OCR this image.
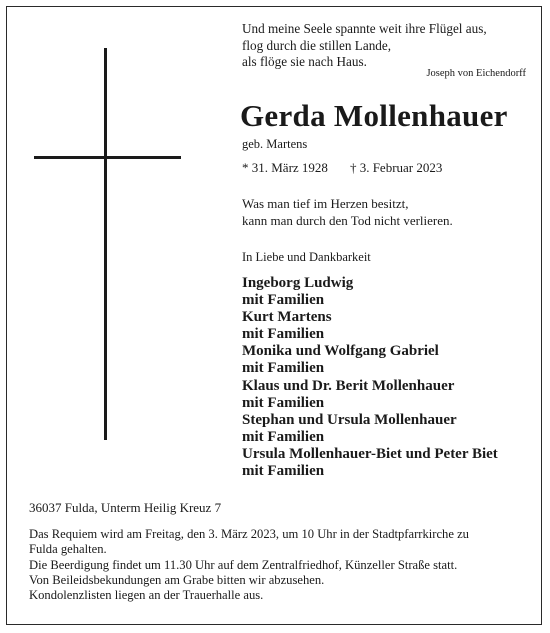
Und meine Seele spannte weit ihre Flügel aus,
flog durch die stillen Lande,
als flöge sie nach Haus.
Joseph von Eichendorff
Gerda Mollenhauer
geb. Martens
* 31. März 1928 † 3. Februar 2023
Was man tief im Herzen besitzt,
kann man durch den Tod nicht verlieren.
In Liebe und Dankbarkeit
Ingeborg Ludwig
mit Familien
Kurt Martens
mit Familien
Monika und Wolfgang Gabriel
mit Familien
Klaus und Dr. Berit Mollenhauer
mit Familien
Stephan und Ursula Mollenhauer
mit Familien
Ursula Mollenhauer-Biet und Peter Biet
mit Familien
36037 Fulda, Unterm Heilig Kreuz 7
Das Requiem wird am Freitag, den 3. März 2023, um 10 Uhr in der Stadtpfarrkirche zu
Fulda gehalten.
Die Beerdigung findet um 11.30 Uhr auf dem Zentralfriedhof, Künzeller Straße statt.
Von Beileidsbekundungen am Grabe bitten wir abzusehen.
Kondolenzlisten liegen an der Trauerhalle aus.
